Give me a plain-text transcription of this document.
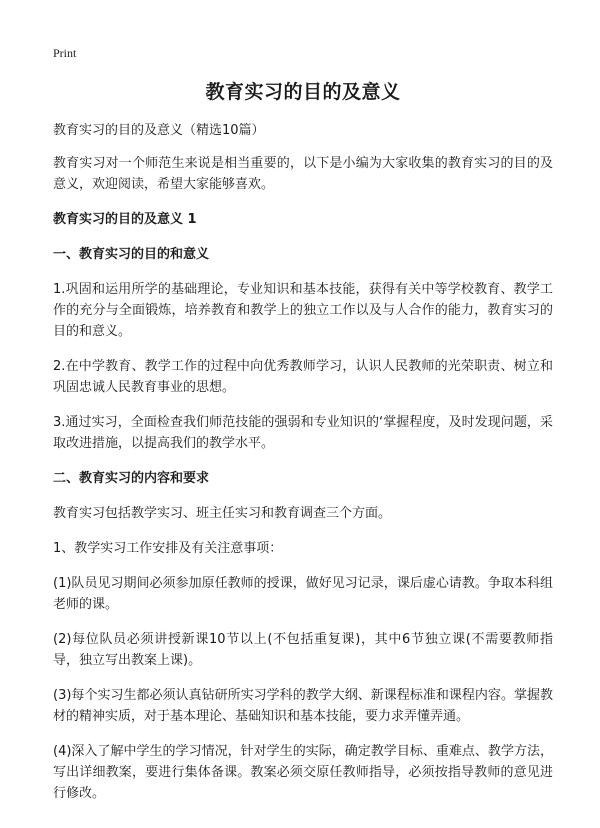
Print
教育实习的目的及意义

教育实习的目的及意义（精选10篇）

教育实习对一个师范生来说是相当重要的，以下是小编为大家收集的教育实习的目的及意义，欢迎阅读，希望大家能够喜欢。

教育实习的目的及意义 1

一、教育实习的目的和意义

1.巩固和运用所学的基础理论，专业知识和基本技能，获得有关中等学校教育、教学工作的充分与全面锻炼，培养教育和教学上的独立工作以及与人合作的能力，教育实习的目的和意义。

2.在中学教育、教学工作的过程中向优秀教师学习，认识人民教师的光荣职责、树立和巩固忠诚人民教育事业的思想。

3.通过实习，全面检查我们师范技能的强弱和专业知识的‘掌握程度，及时发现问题，采取改进措施，以提高我们的教学水平。

二、教育实习的内容和要求

教育实习包括教学实习、班主任实习和教育调查三个方面。

1、教学实习工作安排及有关注意事项：

(1)队员见习期间必须参加原任教师的授课，做好见习记录，课后虚心请教。争取本科组老师的课。

(2)每位队员必须讲授新课10节以上(不包括重复课)，其中6节独立课(不需要教师指导，独立写出教案上课)。

(3)每个实习生都必须认真钻研所实习学科的教学大纲、新课程标准和课程内容。掌握教材的精神实质，对于基本理论、基础知识和基本技能，要力求弄懂弄通。

(4)深入了解中学生的学习情况，针对学生的实际，确定教学目标、重难点、教学方法，写出详细教案，要进行集体备课。教案必须交原任教师指导，必须按指导教师的意见进行修改。
